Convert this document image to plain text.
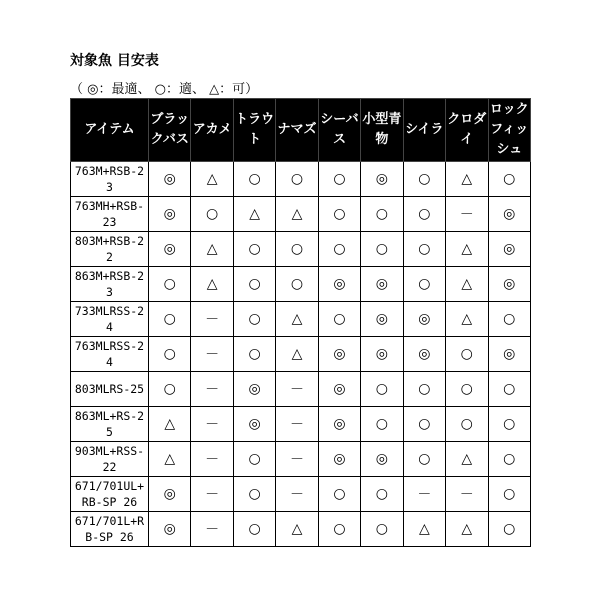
対象魚 目安表
（ ◎：最適、 ○：適、 △：可）
アイテム	ブラックバス	アカメ	トラウト	ナマズ	シーバス	小型青物	シイラ	クロダイ	ロックフィッシュ
763M+RSB-23	◎	△	○	○	○	◎	○	△	○
763MH+RSB-23	◎	○	△	△	○	○	○	－	◎
803M+RSB-22	◎	△	○	○	○	○	○	△	◎
863M+RSB-23	○	△	○	○	◎	◎	○	△	◎
733MLRSS-24	○	－	○	△	○	◎	◎	△	○
763MLRSS-24	○	－	○	△	◎	◎	◎	○	◎
803MLRS-25	○	－	◎	－	◎	○	○	○	○
863ML+RS-25	△	－	◎	－	◎	○	○	○	○
903ML+RSS-22	△	－	○	－	◎	◎	○	△	○
671/701UL+RB-SP 26	◎	－	○	－	○	○	－	－	○
671/701L+RB-SP 26	◎	－	○	△	○	○	△	△	○
